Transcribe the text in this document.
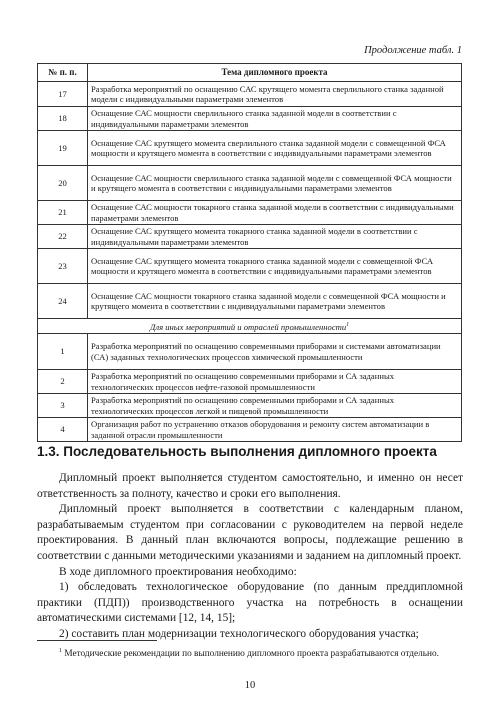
Продолжение табл. 1
№ п. п.	Тема дипломного проекта
17	Разработка мероприятий по оснащению САС крутящего момента сверлильного станка заданной модели с индивидуальными параметрами элементов
18	Оснащение САС мощности сверлильного станка заданной модели в соответствии с индивидуальными параметрами элементов
19	Оснащение САС крутящего момента сверлильного станка заданной модели с совмещенной ФСА мощности и крутящего момента в соответствии с индивидуальными параметрами элементов
20	Оснащение САС мощности сверлильного станка заданной модели с совмещенной ФСА мощности и крутящего момента в соответствии с индивидуальными параметрами элементов
21	Оснащение САС мощности токарного станка заданной модели в соответствии с индивидуальными параметрами элементов
22	Оснащение САС крутящего момента токарного станка заданной модели в соответствии с индивидуальными параметрами элементов
23	Оснащение САС крутящего момента токарного станка заданной модели с совмещенной ФСА мощности и крутящего момента в соответствии с индивидуальными параметрами элементов
24	Оснащение САС мощности токарного станка заданной модели с совмещенной ФСА мощности и крутящего момента в соответствии с индивидуальными параметрами элементов
Для иных мероприятий и отраслей промышленности$^1$
1	Разработка мероприятий по оснащению современными приборами и системами автоматизации (СА) заданных технологических процессов химической промышленности
2	Разработка мероприятий по оснащению современными приборами и СА заданных технологических процессов нефте-газовой промышленности
3	Разработка мероприятий по оснащению современными приборами и СА заданных технологических процессов легкой и пищевой промышленности
4	Организация работ по устранению отказов оборудования и ремонту систем автоматизации в заданной отрасли промышленности
1.3. Последовательность выполнения дипломного проекта

Дипломный проект выполняется студентом самостоятельно, и именно он несет ответственность за полноту, качество и сроки его выполнения.

Дипломный проект выполняется в соответствии с календарным планом, разрабатываемым студентом при согласовании с руководителем на первой неделе проектирования. В данный план включаются вопросы, подлежащие решению в соответствии с данными методическими указаниями и заданием на дипломный проект.

В ходе дипломного проектирования необходимо:

1) обследовать технологическое оборудование (по данным преддипломной практики (ПДП)) производственного участка на потребность в оснащении автоматическими системами [12, 14, 15];

2) составить план модернизации технологического оборудования участка;

$^1$ Методические рекомендации по выполнению дипломного проекта разрабатываются отдельно.

10
